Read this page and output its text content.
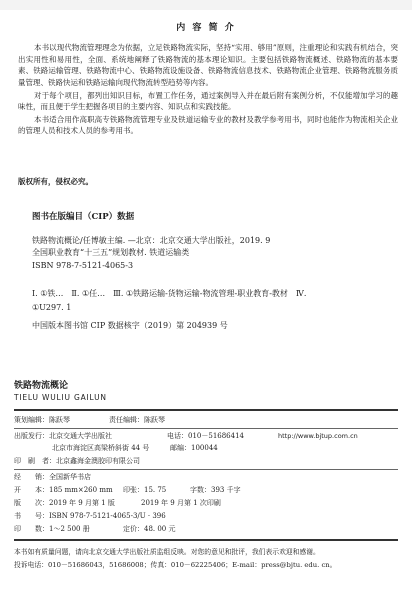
内 容 简 介

本书以现代物流管理理念为依据，立足铁路物流实际，坚持“实用、够用”原则，注重理论和实践有机结合，突出实用性和易用性，全面、系统地阐释了铁路物流的基本理论知识。主要包括铁路物流概述、铁路物流的基本要素、铁路运输管理、铁路物流中心、铁路物流设施设备、铁路物流信息技术、铁路物流企业管理、铁路物流服务质量管理、铁路快运和铁路运输向现代物流转型趋势等内容。

对于每个项目，都列出知识目标，布置工作任务，通过案例导入并在最后附有案例分析，不仅能增加学习的趣味性，而且便于学生把握各项目的主要内容、知识点和实践技能。

本书适合用作高职高专铁路物流管理专业及铁道运输专业的教材及教学参考用书，同时也能作为物流相关企业的管理人员和技术人员的参考用书。

版权所有，侵权必究。
图书在版编目（CIP）数据
铁路物流概论/任博敏主编. —北京：北京交通大学出版社，2019. 9
全国职业教育“十三五”规划教材. 铁道运输类
ISBN 978-7-5121-4065-3
Ⅰ. ①铁…　Ⅱ. ①任…　Ⅲ. ①铁路运输-货物运输-物流管理-职业教育-教材　Ⅳ.
①U297. 1
中国版本图书馆 CIP 数据核字（2019）第 204939 号
铁路物流概论
TIELU WULIU GAILUN
策划编辑：陈跃琴	责任编辑：陈跃琴
出版发行：北京交通大学出版社	电话：010－51686414	http://www.bjtup.com.cn
北京市海淀区高梁桥斜街 44 号	邮编：100044
印　刷　者：北京鑫海金澳胶印有限公司
经　　销：全国新华书店
开　　本：185 mm×260 mm 印张：15. 75	字数：393 千字
版　　次：2019 年 9 月第 1 版	2019 年 9 月第 1 次印刷
书　　号：ISBN 978-7-5121-4065-3/U · 396
印　　数：1～2 500 册	定价：48. 00 元
本书如有质量问题，请向北京交通大学出版社质监组反映。对您的意见和批评，我们表示欢迎和感谢。
投诉电话：010－51686043，51686008；传真：010－62225406；E-mail：press@bjtu. edu. cn。
